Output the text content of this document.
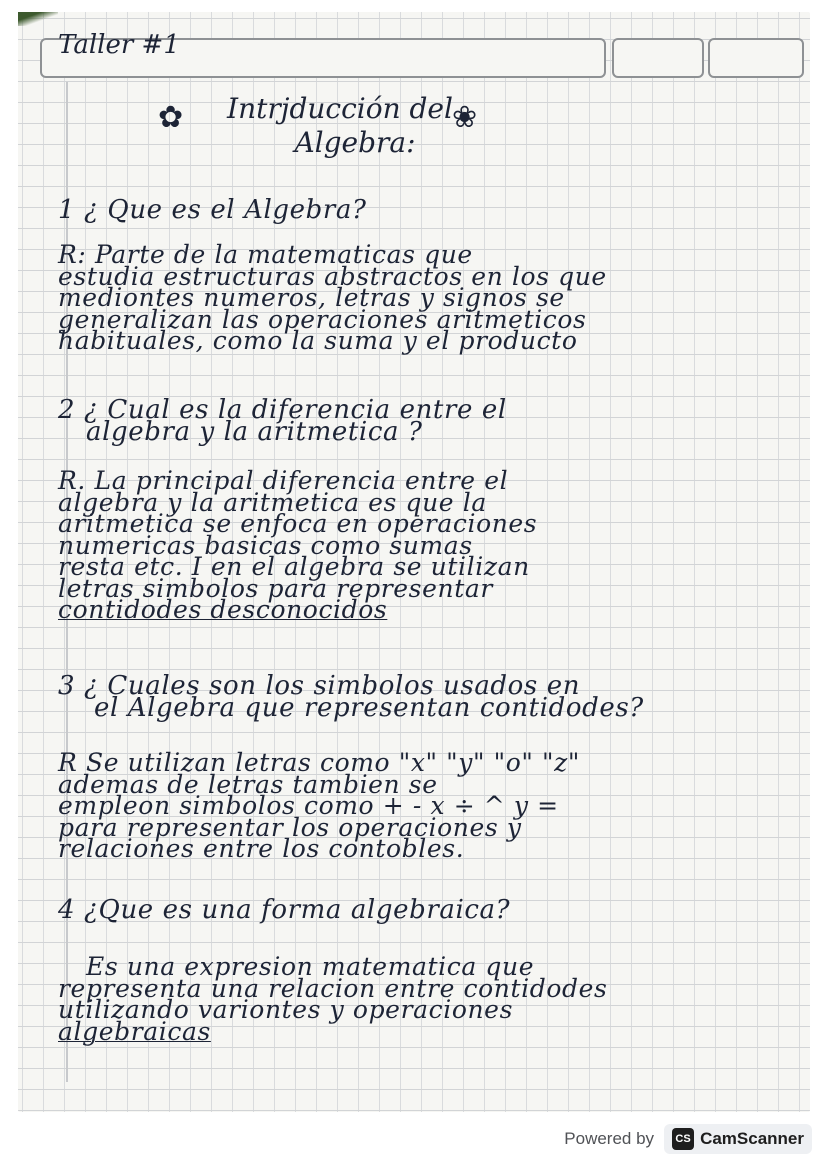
Taller #1
✿	❀
Intrjducción del
Algebra:

1 ¿ Que es el Algebra?

R: Parte de la matematicas que

estudia estructuras abstractos en los que

mediontes numeros, letras y signos se

generalizan las operaciones aritmeticos

habituales, como la suma y el producto

2 ¿ Cual es la diferencia entre el

algebra y la aritmetica ?

R. La principal diferencia entre el

algebra y la aritmetica es que la

aritmetica se enfoca en operaciones

numericas basicas como sumas

resta etc. I en el algebra se utilizan

letras simbolos para representar

contidodes desconocidos

3 ¿ Cuales son los simbolos usados en

el Algebra que representan contidodes?

R Se utilizan letras como "x" "y" "o" "z"

ademas de letras tambien se

empleon simbolos como + - x ÷ ^ y =

para representar los operaciones y

relaciones entre los contobles.

4 ¿Que es una forma algebraica?

Es una expresion matematica que

representa una relacion entre contidodes

utilizando variontes y operaciones

algebraicas

Powered by	CS CamScanner
